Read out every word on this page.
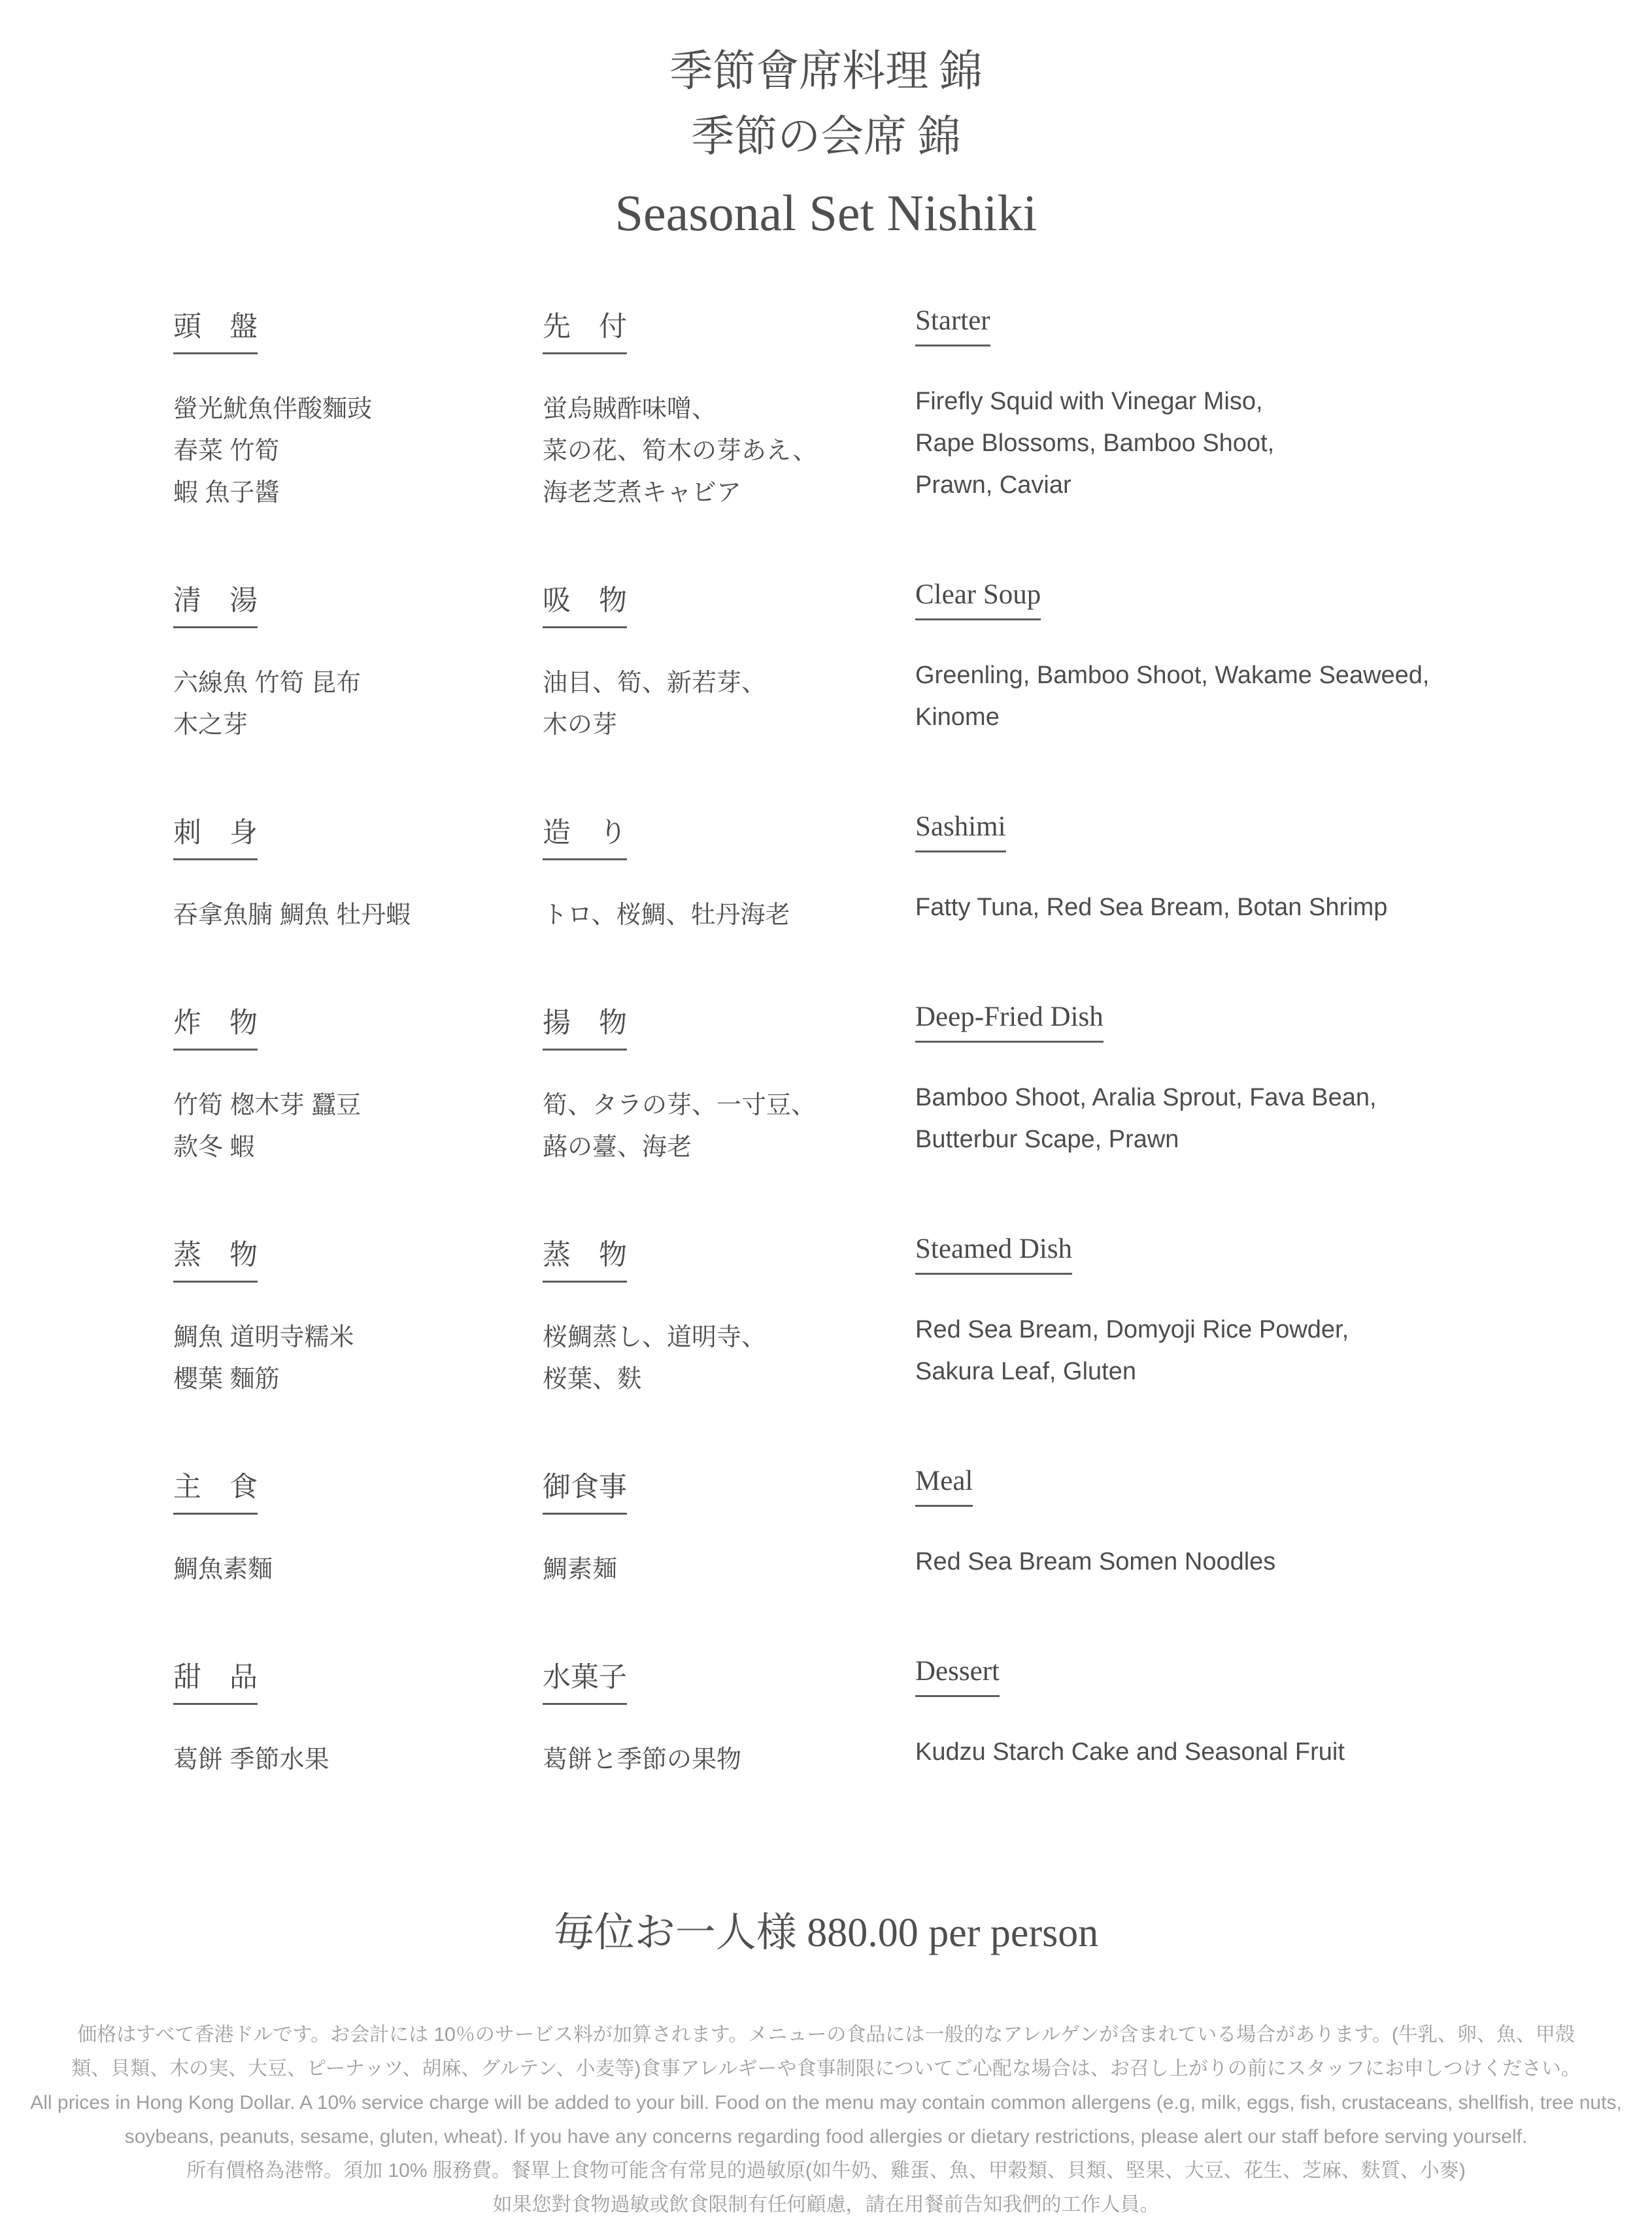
季節會席料理 錦
季節の会席 錦
Seasonal Set Nishiki
頭　盤
螢光魷魚伴酸麵豉
春菜 竹筍
蝦 魚子醬
先　付
蛍烏賊酢味噌、
菜の花、筍木の芽あえ、
海老芝煮キャビア
Starter
Firefly Squid with Vinegar Miso,
Rape Blossoms, Bamboo Shoot,
Prawn, Caviar
清　湯
六線魚 竹筍 昆布
木之芽
吸　物
油目、筍、新若芽、
木の芽
Clear Soup
Greenling, Bamboo Shoot, Wakame Seaweed,
Kinome
刺　身
吞拿魚腩 鯛魚 牡丹蝦
造　り
トロ、桜鯛、牡丹海老
Sashimi
Fatty Tuna, Red Sea Bream, Botan Shrimp
炸　物
竹筍 楤木芽 蠶豆
款冬 蝦
揚　物
筍、タラの芽、一寸豆、
蕗の薹、海老
Deep-Fried Dish
Bamboo Shoot, Aralia Sprout, Fava Bean,
Butterbur Scape, Prawn
蒸　物
鯛魚 道明寺糯米
櫻葉 麵筋
蒸　物
桜鯛蒸し、道明寺、
桜葉、麩
Steamed Dish
Red Sea Bream, Domyoji Rice Powder,
Sakura Leaf, Gluten
主　食
鯛魚素麵
御食事
鯛素麺
Meal
Red Sea Bream Somen Noodles
甜　品
葛餅 季節水果
水菓子
葛餅と季節の果物
Dessert
Kudzu Starch Cake and Seasonal Fruit
毎位お一人様 880.00 per person
価格はすべて香港ドルです。お会計には 10％のサービス料が加算されます。メニューの食品には一般的なアレルゲンが含まれている場合があります。(牛乳、卵、魚、甲殻
類、貝類、木の実、大豆、ピーナッツ、胡麻、グルテン、小麦等)食事アレルギーや食事制限についてご心配な場合は、お召し上がりの前にスタッフにお申しつけください。
All prices in Hong Kong Dollar. A 10% service charge will be added to your bill. Food on the menu may contain common allergens (e.g, milk, eggs, fish, crustaceans, shellfish, tree nuts,
soybeans, peanuts, sesame, gluten, wheat). If you have any concerns regarding food allergies or dietary restrictions, please alert our staff before serving yourself.
所有價格為港幣。須加 10% 服務費。餐單上食物可能含有常見的過敏原(如牛奶、雞蛋、魚、甲穀類、貝類、堅果、大豆、花生、芝麻、麩質、小麥)
如果您對食物過敏或飲食限制有任何顧慮，請在用餐前告知我們的工作人員。
